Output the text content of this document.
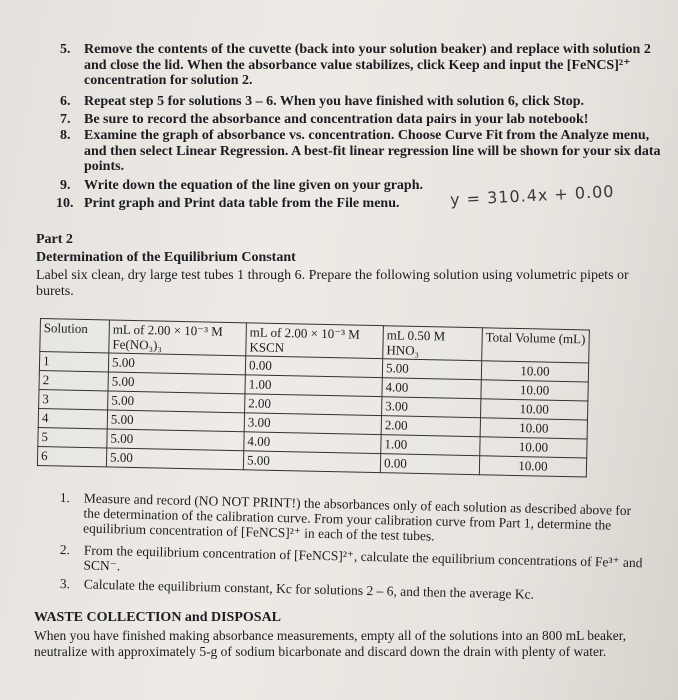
5. Remove the contents of the cuvette (back into your solution beaker) and replace with solution 2 and close the lid. When the absorbance value stabilizes, click Keep and input the [FeNCS]²⁺ concentration for solution 2.
6. Repeat step 5 for solutions 3 – 6. When you have finished with solution 6, click Stop.
7. Be sure to record the absorbance and concentration data pairs in your lab notebook!
8. Examine the graph of absorbance vs. concentration. Choose Curve Fit from the Analyze menu, and then select Linear Regression. A best-fit linear regression line will be shown for your six data points.
9. Write down the equation of the line given on your graph.	y = 310.4x + 0.00
10. Print graph and Print data table from the File menu.
Part 2
Determination of the Equilibrium Constant
Label six clean, dry large test tubes 1 through 6. Prepare the following solution using volumetric pipets or burets.
Solution	mL of 2.00 × 10⁻³ M Fe(NO₃)₃	mL of 2.00 × 10⁻³ M KSCN	mL 0.50 M HNO₃	Total Volume (mL)
1	5.00	0.00	5.00	10.00
2	5.00	1.00	4.00	10.00
3	5.00	2.00	3.00	10.00
4	5.00	3.00	2.00	10.00
5	5.00	4.00	1.00	10.00
6	5.00	5.00	0.00	10.00
1. Measure and record (NO NOT PRINT!) the absorbances only of each solution as described above for the determination of the calibration curve. From your calibration curve from Part 1, determine the equilibrium concentration of [FeNCS]²⁺ in each of the test tubes.
2. From the equilibrium concentration of [FeNCS]²⁺, calculate the equilibrium concentrations of Fe³⁺ and SCN⁻.
3. Calculate the equilibrium constant, Kc for solutions 2 – 6, and then the average Kc.
WASTE COLLECTION and DISPOSAL
When you have finished making absorbance measurements, empty all of the solutions into an 800 mL beaker, neutralize with approximately 5-g of sodium bicarbonate and discard down the drain with plenty of water.
